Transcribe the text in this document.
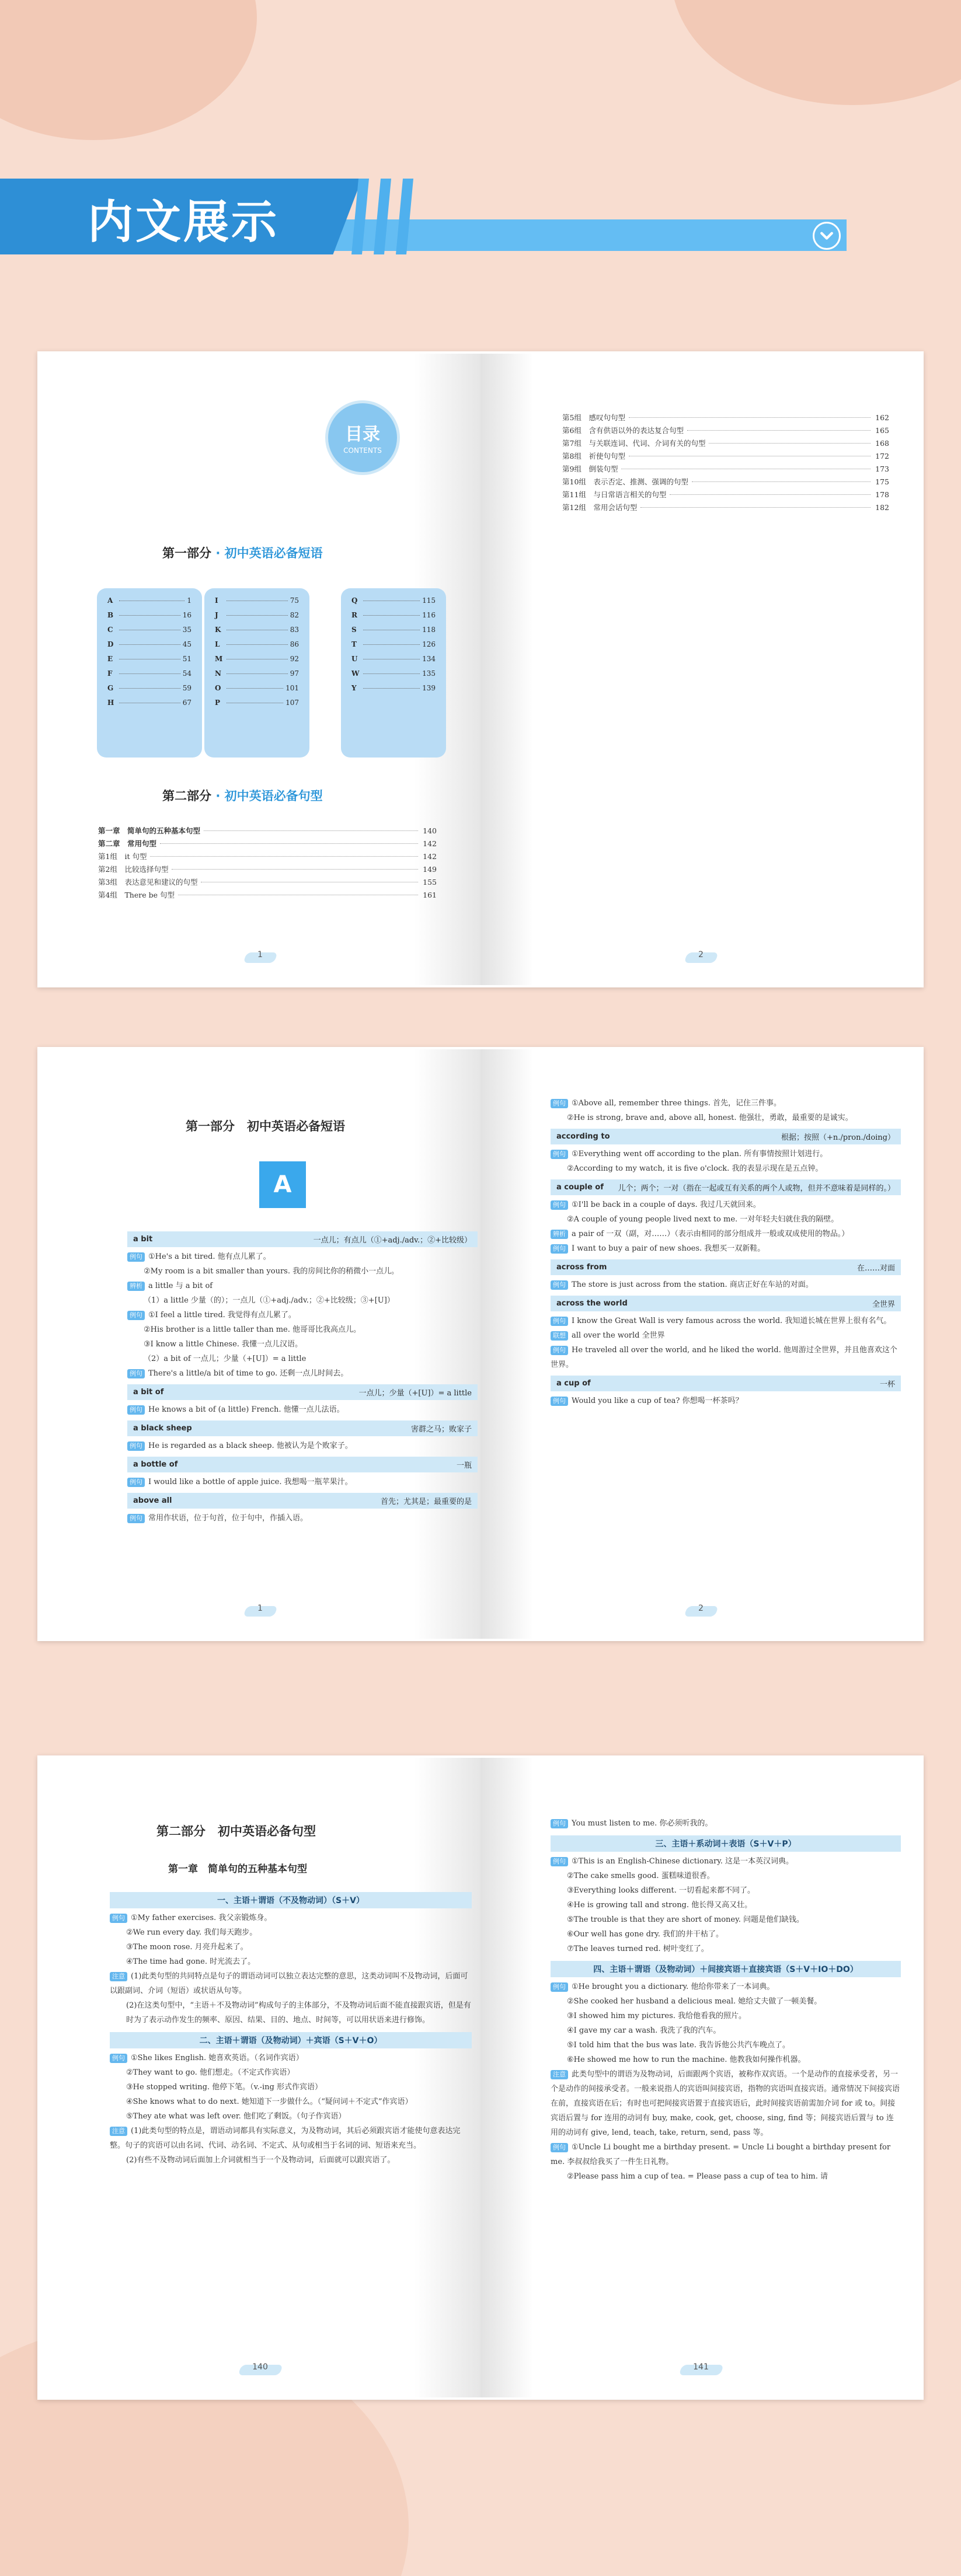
内文展示
目录
CONTENTS
第一部分 · 初中英语必备短语
A	1
B	16
C	35
D	45
E	51
F	54
G	59
H	67
I	75
J	82
K	83
L	86
M	92
N	97
O	101
P	107
Q	115
R	116
S	118
T	126
U	134
W	135
Y	139
第二部分 · 初中英语必备句型
第一章　简单句的五种基本句型	140
第二章　常用句型	142
第1组　it 句型	142
第2组　比较选择句型	149
第3组　表达意见和建议的句型	155
第4组　There be 句型	161
1
第5组　感叹句句型	162
第6组　含有供语以外的表达复合句型	165
第7组　与关联连词、代词、介词有关的句型	168
第8组　祈使句句型	172
第9组　倒装句型	173
第10组　表示否定、推测、强调的句型	175
第11组　与日常语言相关的句型	178
第12组　常用会话句型	182
2
第一部分　初中英语必备短语
A
a bit	一点儿；有点儿（①+adj./adv.；②+比较级）
例句 ①He's a bit tired. 他有点儿累了。
②My room is a bit smaller than yours. 我的房间比你的稍微小一点儿。
辨析 a little 与 a bit of
（1）a little 少量（的）；一点儿（①+adj./adv.；②+比较级；③+[U]）
例句 ①I feel a little tired. 我觉得有点儿累了。
②His brother is a little taller than me. 他哥哥比我高点儿。
③I know a little Chinese. 我懂一点儿汉语。
（2）a bit of 一点儿；少量（+[U]）= a little
例句 There's a little/a bit of time to go. 还剩一点儿时间去。
a bit of	一点儿；少量（+[U]）= a little
例句 He knows a bit of (a little) French. 他懂一点儿法语。
a black sheep	害群之马；败家子
例句 He is regarded as a black sheep. 他被认为是个败家子。
a bottle of	一瓶
例句 I would like a bottle of apple juice. 我想喝一瓶苹果汁。
above all	首先；尤其是；最重要的是
例句 常用作状语，位于句首，位于句中，作插入语。
1
例句 ①Above all, remember three things. 首先，记住三件事。
②He is strong, brave and, above all, honest. 他强壮，勇敢，最重要的是诚实。
according to	根据；按照（+n./pron./doing）
例句 ①Everything went off according to the plan. 所有事情按照计划进行。
②According to my watch, it is five o'clock. 我的表显示现在是五点钟。
a couple of 儿个；两个；一对（指在一起或互有关系的两个人或物，但并不意味着是同样的。）
例句 ①I'll be back in a couple of days. 我过几天就回来。
②A couple of young people lived next to me. 一对年轻夫妇就住我的隔壁。
辨析 a pair of 一双（副，对……）（表示由相同的部分组成并一般或双成使用的物品。）
例句 I want to buy a pair of new shoes. 我想买一双新鞋。
across from	在……对面
例句 The store is just across from the station. 商店正好在车站的对面。
across the world	全世界
例句 I know the Great Wall is very famous across the world. 我知道长城在世界上很有名气。
联想 all over the world 全世界
例句 He traveled all over the world, and he liked the world. 他周游过全世界，并且他喜欢这个世界。
a cup of	一杯
例句 Would you like a cup of tea? 你想喝一杯茶吗？
2
第二部分　初中英语必备句型
第一章　简单句的五种基本句型
一、主语＋谓语（不及物动词）（S＋V）
例句 ①My father exercises. 我父亲锻炼身。
②We run every day. 我们每天跑步。
③The moon rose. 月亮升起来了。
④The time had gone. 时光流去了。
注意 (1)此类句型的共同特点是句子的谓语动词可以独立表达完整的意思，这类动词叫不及物动词，后面可以跟副词、介词（短语）或状语从句等。
(2)在这类句型中，“主语＋不及物动词”构成句子的主体部分，不及物动词后面不能直接跟宾语，但是有时为了表示动作发生的频率、原因、结果、目的、地点、时间等，可以用状语来进行修饰。
二、主语＋谓语（及物动词）＋宾语（S＋V＋O）
例句 ①She likes English. 她喜欢英语。（名词作宾语）
②They want to go. 他们想走。（不定式作宾语）
③He stopped writing. 他停下笔。（v.-ing 形式作宾语）
④She knows what to do next. 她知道下一步做什么。（“疑问词＋不定式”作宾语）
⑤They ate what was left over. 他们吃了剩饭。（句子作宾语）
注意 (1)此类句型的特点是，谓语动词都具有实际意义，为及物动词，其后必须跟宾语才能使句意表达完整。句子的宾语可以由名词、代词、动名词、不定式、从句或相当于名词的词、短语来充当。
(2)有些不及物动词后面加上介词就相当于一个及物动词，后面就可以跟宾语了。
140
例句 You must listen to me. 你必须听我的。
三、主语＋系动词＋表语（S＋V＋P）
例句 ①This is an English-Chinese dictionary. 这是一本英汉词典。
②The cake smells good. 蛋糕味道很香。
③Everything looks different. 一切看起来都不同了。
④He is growing tall and strong. 他长得又高又壮。
⑤The trouble is that they are short of money. 问题是他们缺钱。
⑥Our well has gone dry. 我们的井干枯了。
⑦The leaves turned red. 树叶变红了。
四、主语＋谓语（及物动词）＋间接宾语＋直接宾语（S＋V＋IO＋DO）
例句 ①He brought you a dictionary. 他给你带来了一本词典。
②She cooked her husband a delicious meal. 她给丈夫做了一顿美餐。
③I showed him my pictures. 我给他看我的照片。
④I gave my car a wash. 我洗了我的汽车。
⑤I told him that the bus was late. 我告诉他公共汽车晚点了。
⑥He showed me how to run the machine. 他教我如何操作机器。
注意 此类句型中的谓语为及物动词，后面跟两个宾语，被称作双宾语。一个是动作的直接承受者，另一个是动作的间接承受者。一般来说指人的宾语叫间接宾语，指物的宾语叫直接宾语。通常情况下间接宾语在前，直接宾语在后；有时也可把间接宾语置于直接宾语后，此时间接宾语前需加介词 for 或 to。间接宾语后置与 for 连用的动词有 buy, make, cook, get, choose, sing, find 等；间接宾语后置与 to 连用的动词有 give, lend, teach, take, return, send, pass 等。
例句 ①Uncle Li bought me a birthday present. = Uncle Li bought a birthday present for me. 李叔叔给我买了一件生日礼物。
②Please pass him a cup of tea. = Please pass a cup of tea to him. 请
141
